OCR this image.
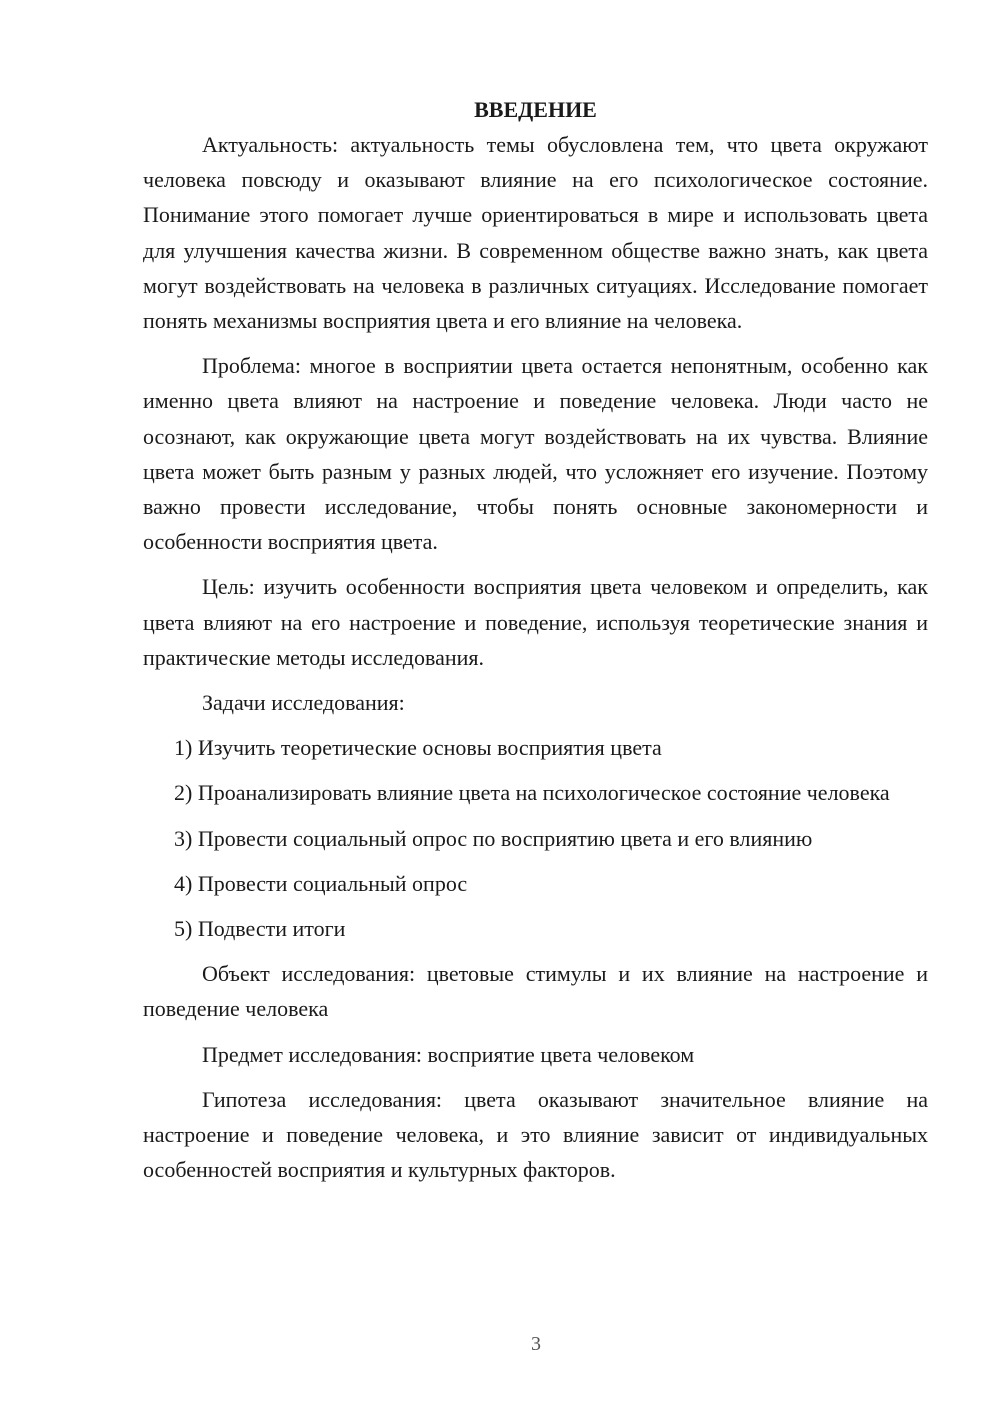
ВВЕДЕНИЕ

Актуальность: актуальность темы обусловлена тем, что цвета окружают человека повсюду и оказывают влияние на его психологическое состояние. Понимание этого помогает лучше ориентироваться в мире и использовать цвета для улучшения качества жизни. В современном обществе важно знать, как цвета могут воздействовать на человека в различных ситуациях. Исследование помогает понять механизмы восприятия цвета и его влияние на человека.

Проблема: многое в восприятии цвета остается непонятным, особенно как именно цвета влияют на настроение и поведение человека. Люди часто не осознают, как окружающие цвета могут воздействовать на их чувства. Влияние цвета может быть разным у разных людей, что усложняет его изучение. Поэтому важно провести исследование, чтобы понять основные закономерности и особенности восприятия цвета.

Цель: изучить особенности восприятия цвета человеком и определить, как цвета влияют на его настроение и поведение, используя теоретические знания и практические методы исследования.

Задачи исследования:

1) Изучить теоретические основы восприятия цвета

2) Проанализировать влияние цвета на психологическое состояние человека

3) Провести социальный опрос по восприятию цвета и его влиянию

4) Провести социальный опрос

5) Подвести итоги

Объект исследования: цветовые стимулы и их влияние на настроение и поведение человека

Предмет исследования: восприятие цвета человеком

Гипотеза исследования: цвета оказывают значительное влияние на настроение и поведение человека, и это влияние зависит от индивидуальных особенностей восприятия и культурных факторов.

3
